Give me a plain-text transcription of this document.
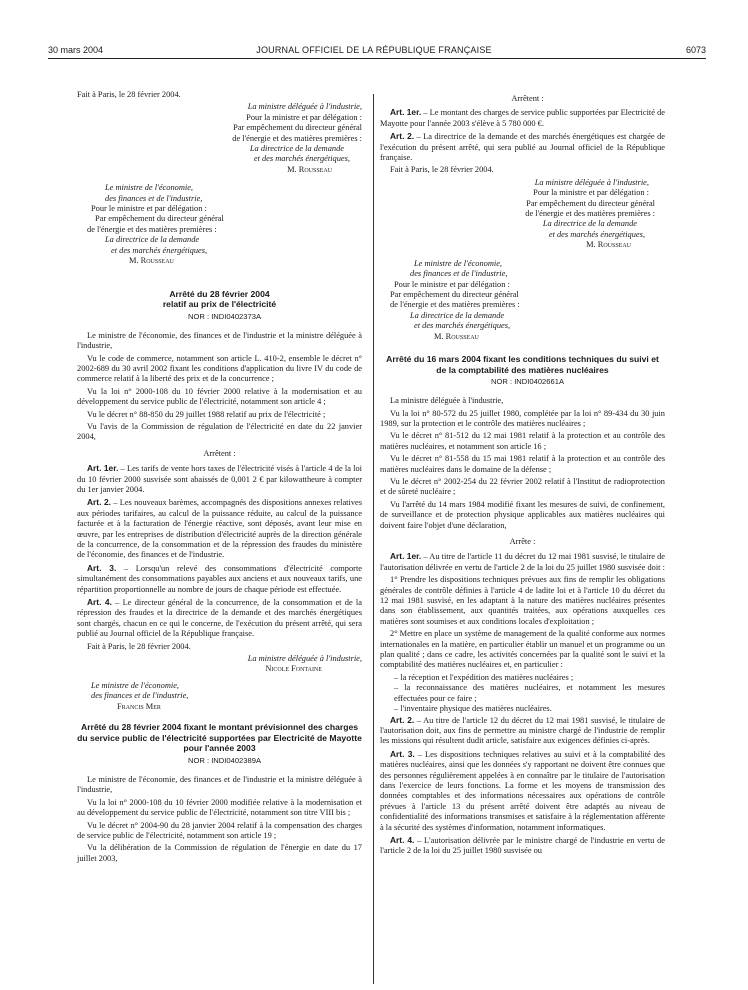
30 mars 2004	JOURNAL OFFICIEL DE LA RÉPUBLIQUE FRANÇAISE	6073

Fait à Paris, le 28 février 2004.

La ministre déléguée à l'industrie,

Pour la ministre et par délégation :

Par empêchement du directeur général

de l'énergie et des matières premières :

La directrice de la demande

et des marchés énergétiques,

M. Rousseau

Le ministre de l'économie,

des finances et de l'industrie,

Pour le ministre et par délégation :

Par empêchement du directeur général

de l'énergie et des matières premières :

La directrice de la demande

et des marchés énergétiques,

M. Rousseau

Arrêté du 28 février 2004
relatif au prix de l'électricité

NOR : INDI0402373A

Le ministre de l'économie, des finances et de l'industrie et la ministre déléguée à l'industrie,

Vu le code de commerce, notamment son article L. 410-2, ensemble le décret n° 2002-689 du 30 avril 2002 fixant les conditions d'application du livre IV du code de commerce relatif à la liberté des prix et de la concurrence ;

Vu la loi n° 2000-108 du 10 février 2000 relative à la modernisation et au développement du service public de l'électricité, notamment son article 4 ;

Vu le décret n° 88-850 du 29 juillet 1988 relatif au prix de l'électricité ;

Vu l'avis de la Commission de régulation de l'électricité en date du 22 janvier 2004,

Arrêtent :

Art. 1er. – Les tarifs de vente hors taxes de l'électricité visés à l'article 4 de la loi du 10 février 2000 susvisée sont abaissés de 0,001 2 € par kilowattheure à compter du 1er janvier 2004.

Art. 2. – Les nouveaux barèmes, accompagnés des dispositions annexes relatives aux périodes tarifaires, au calcul de la puissance réduite, au calcul de la puissance facturée et à la facturation de l'énergie réactive, sont déposés, avant leur mise en œuvre, par les entreprises de distribution d'électricité auprès de la direction générale de la concurrence, de la consommation et de la répression des fraudes du ministère de l'économie, des finances et de l'industrie.

Art. 3. – Lorsqu'un relevé des consommations d'électricité comporte simultanément des consommations payables aux anciens et aux nouveaux tarifs, une répartition proportionnelle au nombre de jours de chaque période est effectuée.

Art. 4. – Le directeur général de la concurrence, de la consommation et de la répression des fraudes et la directrice de la demande et des marchés énergétiques sont chargés, chacun en ce qui le concerne, de l'exécution du présent arrêté, qui sera publié au Journal officiel de la République française.

Fait à Paris, le 28 février 2004.

La ministre déléguée à l'industrie,

Nicole Fontaine

Le ministre de l'économie,

des finances et de l'industrie,

Francis Mer

Arrêté du 28 février 2004 fixant le montant prévisionnel des charges du service public de l'électricité supportées par Electricité de Mayotte pour l'année 2003

NOR : INDI0402389A

Le ministre de l'économie, des finances et de l'industrie et la ministre déléguée à l'industrie,

Vu la loi n° 2000-108 du 10 février 2000 modifiée relative à la modernisation et au développement du service public de l'électricité, notamment son titre VIII bis ;

Vu le décret n° 2004-90 du 28 janvier 2004 relatif à la compensation des charges de service public de l'électricité, notamment son article 19 ;

Vu la délibération de la Commission de régulation de l'énergie en date du 17 juillet 2003,

Arrêtent :

Art. 1er. – Le montant des charges de service public supportées par Electricité de Mayotte pour l'année 2003 s'élève à 5 780 000 €.

Art. 2. – La directrice de la demande et des marchés énergétiques est chargée de l'exécution du présent arrêté, qui sera publié au Journal officiel de la République française.

Fait à Paris, le 28 février 2004.

La ministre déléguée à l'industrie,

Pour la ministre et par délégation :

Par empêchement du directeur général

de l'énergie et des matières premières :

La directrice de la demande

et des marchés énergétiques,

M. Rousseau

Le ministre de l'économie,

des finances et de l'industrie,

Pour le ministre et par délégation :

Par empêchement du directeur général

de l'énergie et des matières premières :

La directrice de la demande

et des marchés énergétiques,

M. Rousseau

Arrêté du 16 mars 2004 fixant les conditions techniques du suivi et de la comptabilité des matières nucléaires

NOR : INDI0402661A

La ministre déléguée à l'industrie,

Vu la loi n° 80-572 du 25 juillet 1980, complétée par la loi n° 89-434 du 30 juin 1989, sur la protection et le contrôle des matières nucléaires ;

Vu le décret n° 81-512 du 12 mai 1981 relatif à la protection et au contrôle des matières nucléaires, et notamment son article 16 ;

Vu le décret n° 81-558 du 15 mai 1981 relatif à la protection et au contrôle des matières nucléaires dans le domaine de la défense ;

Vu le décret n° 2002-254 du 22 février 2002 relatif à l'Institut de radioprotection et de sûreté nucléaire ;

Vu l'arrêté du 14 mars 1984 modifié fixant les mesures de suivi, de confinement, de surveillance et de protection physique applicables aux matières nucléaires qui doivent faire l'objet d'une déclaration,

Arrête :

Art. 1er. – Au titre de l'article 11 du décret du 12 mai 1981 susvisé, le titulaire de l'autorisation délivrée en vertu de l'article 2 de la loi du 25 juillet 1980 susvisée doit :

1° Prendre les dispositions techniques prévues aux fins de remplir les obligations générales de contrôle définies à l'article 4 de ladite loi et à l'article 10 du décret du 12 mai 1981 susvisé, en les adaptant à la nature des matières nucléaires présentes dans son établissement, aux quantités traitées, aux opérations auxquelles ces matières sont soumises et aux conditions locales d'exploitation ;

2° Mettre en place un système de management de la qualité conforme aux normes internationales en la matière, en particulier établir un manuel et un programme ou un plan qualité ; dans ce cadre, les activités concernées par la qualité sont le suivi et la comptabilité des matières nucléaires et, en particulier :

– la réception et l'expédition des matières nucléaires ;

– la reconnaissance des matières nucléaires, et notamment les mesures effectuées pour ce faire ;

– l'inventaire physique des matières nucléaires.

Art. 2. – Au titre de l'article 12 du décret du 12 mai 1981 susvisé, le titulaire de l'autorisation doit, aux fins de permettre au ministre chargé de l'industrie de remplir les missions qui résultent dudit article, satisfaire aux exigences définies ci-après.

Art. 3. – Les dispositions techniques relatives au suivi et à la comptabilité des matières nucléaires, ainsi que les données s'y rapportant ne doivent être connues que des personnes régulièrement appelées à en connaître par le titulaire de l'autorisation dans l'exercice de leurs fonctions. La forme et les moyens de transmission des données comptables et des informations nécessaires aux opérations de contrôle prévues à l'article 13 du présent arrêté doivent être adaptés au niveau de confidentialité des informations transmises et satisfaire à la réglementation afférente à la sécurité des systèmes d'information, notamment informatiques.

Art. 4. – L'autorisation délivrée par le ministre chargé de l'industrie en vertu de l'article 2 de la loi du 25 juillet 1980 susvisée ou
